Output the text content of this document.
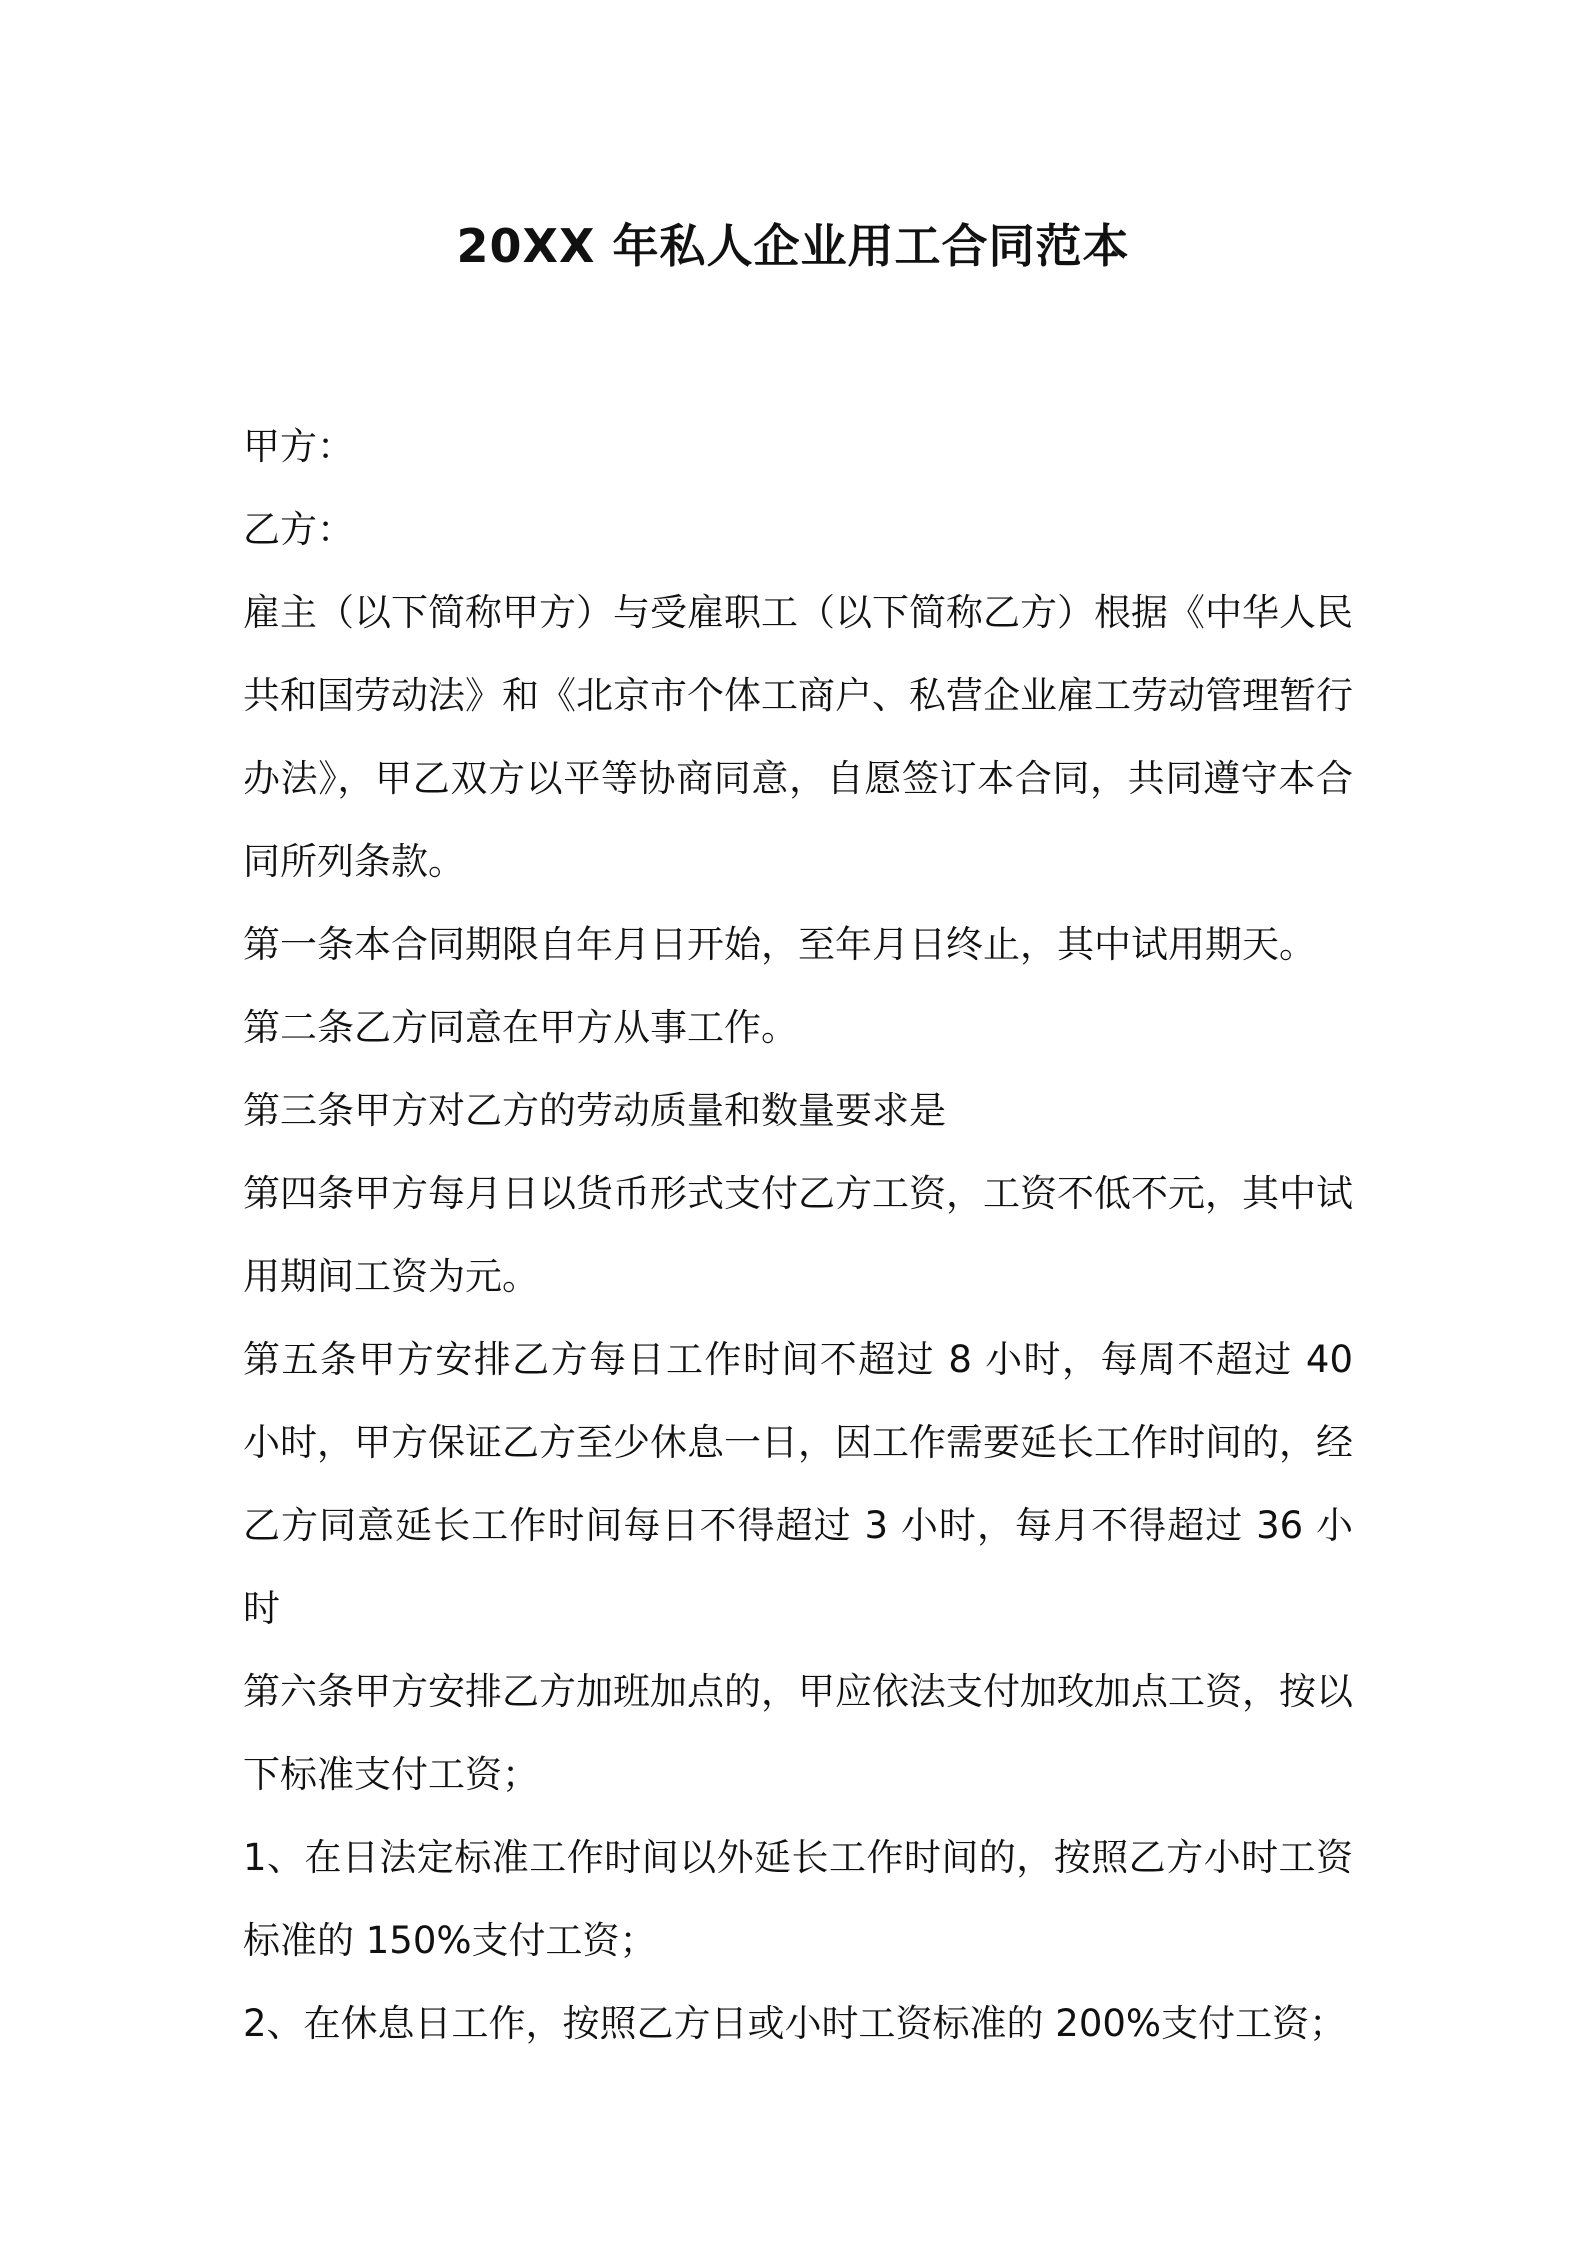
20XX 年私人企业用工合同范本

甲方：

乙方：

雇主（以下简称甲方）与受雇职工（以下简称乙方）根据《中华人民共和国劳动法》和《北京市个体工商户、私营企业雇工劳动管理暂行办法》，甲乙双方以平等协商同意，自愿签订本合同，共同遵守本合同所列条款。

第一条本合同期限自年月日开始，至年月日终止，其中试用期天。

第二条乙方同意在甲方从事工作。

第三条甲方对乙方的劳动质量和数量要求是

第四条甲方每月日以货币形式支付乙方工资，工资不低不元，其中试用期间工资为元。

第五条甲方安排乙方每日工作时间不超过 8 小时，每周不超过 40 小时，甲方保证乙方至少休息一日，因工作需要延长工作时间的，经乙方同意延长工作时间每日不得超过 3 小时，每月不得超过 36 小时

第六条甲方安排乙方加班加点的，甲应依法支付加玫加点工资，按以下标准支付工资；

1、在日法定标准工作时间以外延长工作时间的，按照乙方小时工资标准的 150%支付工资；

2、在休息日工作，按照乙方日或小时工资标准的 200%支付工资；
